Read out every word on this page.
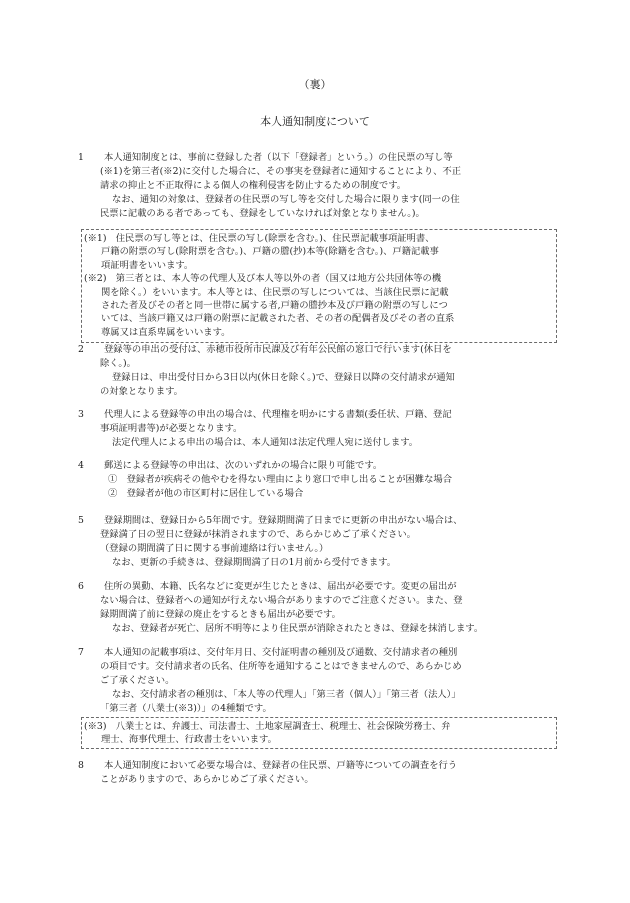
（裏）
本人通知制度について
1	本人通知制度とは、事前に登録した者（以下「登録者」という。）の住民票の写し等
(※1)を第三者(※2)に交付した場合に、その事実を登録者に通知することにより、不正
請求の抑止と不正取得による個人の権利侵害を防止するための制度です。
なお、通知の対象は、登録者の住民票の写し等を交付した場合に限ります(同一の住
民票に記載のある者であっても、登録をしていなければ対象となりません。)。
(※1)　住民票の写し等とは、住民票の写し(除票を含む。)、住民票記載事項証明書、
戸籍の附票の写し(除附票を含む。)、戸籍の謄(抄)本等(除籍を含む。)、戸籍記載事
項証明書をいいます。
(※2)　第三者とは、本人等の代理人及び本人等以外の者（国又は地方公共団体等の機
関を除く。）をいいます。本人等とは、住民票の写しについては、当該住民票に記載
された者及びその者と同一世帯に属する者,戸籍の謄抄本及び戸籍の附票の写しにつ
いては、当該戸籍又は戸籍の附票に記載された者、その者の配偶者及びその者の直系
尊属又は直系卑属をいいます。
2	登録等の申出の受付は、赤穂市役所市民課及び有年公民館の窓口で行います(休日を
除く。)。
登録日は、申出受付日から3日以内(休日を除く。)で、登録日以降の交付請求が通知
の対象となります。
3	代理人による登録等の申出の場合は、代理権を明かにする書類(委任状、戸籍、登記
事項証明書等)が必要となります。
法定代理人による申出の場合は、本人通知は法定代理人宛に送付します。
4	郵送による登録等の申出は、次のいずれかの場合に限り可能です。
①　登録者が疾病その他やむを得ない理由により窓口で申し出ることが困難な場合
②　登録者が他の市区町村に居住している場合
5	登録期間は、登録日から5年間です。登録期間満了日までに更新の申出がない場合は、
登録満了日の翌日に登録が抹消されますので、あらかじめご了承ください。
（登録の期間満了日に関する事前連絡は行いません。）
なお、更新の手続きは、登録期間満了日の1月前から受付できます。
6	住所の異動、本籍、氏名などに変更が生じたときは、届出が必要です。変更の届出が
ない場合は、登録者への通知が行えない場合がありますのでご注意ください。また、登
録期間満了前に登録の廃止をするときも届出が必要です。
なお、登録者が死亡、居所不明等により住民票が消除されたときは、登録を抹消します。
7	本人通知の記載事項は、交付年月日、交付証明書の種別及び通数、交付請求者の種別
の項目です。交付請求者の氏名、住所等を通知することはできませんので、あらかじめ
ご了承ください。
なお、交付請求者の種別は、「本人等の代理人」「第三者（個人）」「第三者（法人）」
「第三者（八業士(※3)）」の4種類です。
(※3)　八業士とは、弁護士、司法書士、土地家屋調査士、税理士、社会保険労務士、弁
理士、海事代理士、行政書士をいいます。
8	本人通知制度において必要な場合は、登録者の住民票、戸籍等についての調査を行う
ことがありますので、あらかじめご了承ください。
